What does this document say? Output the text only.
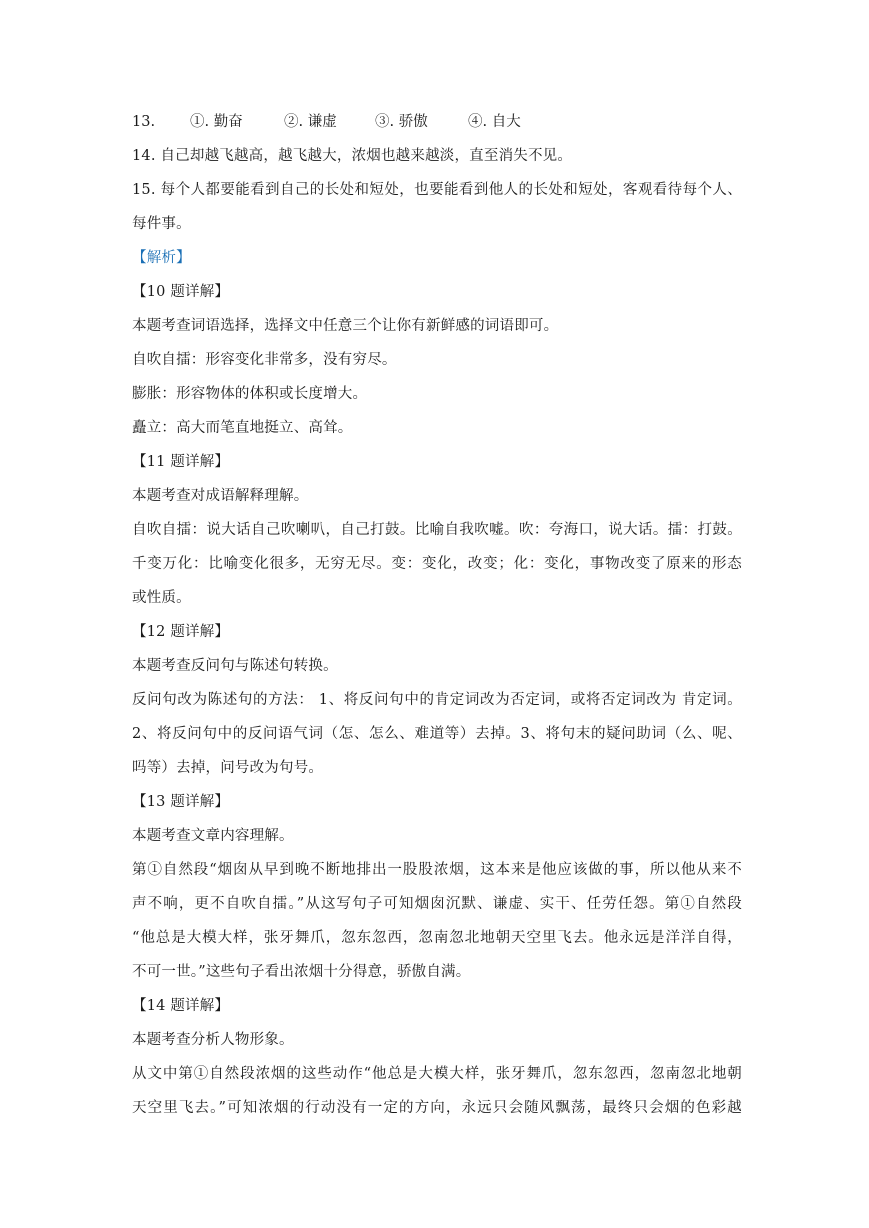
13. ①. 勤奋	②. 谦虚	③. 骄傲	④. 自大
14. 自己却越飞越高，越飞越大，浓烟也越来越淡，直至消失不见。
15. 每个人都要能看到自己的长处和短处，也要能看到他人的长处和短处，客观看待每个人、
每件事。
【解析】
【10 题详解】
本题考查词语选择，选择文中任意三个让你有新鲜感的词语即可。
自吹自擂：形容变化非常多，没有穷尽。
膨胀：形容物体的体积或长度增大。
矗立：高大而笔直地挺立、高耸。
【11 题详解】
本题考查对成语解释理解。
自吹自擂：说大话自己吹喇叭，自己打鼓。比喻自我吹嘘。吹：夸海口，说大话。擂：打鼓。
千变万化：比喻变化很多，无穷无尽。变：变化，改变；化：变化，事物改变了原来的形态
或性质。
【12 题详解】
本题考查反问句与陈述句转换。
反问句改为陈述句的方法： 1、将反问句中的肯定词改为否定词，或将否定词改为 肯定词。
2、将反问句中的反问语气词（怎、怎么、难道等）去掉。3、将句末的疑问助词（么、呢、
吗等）去掉，问号改为句号。
【13 题详解】
本题考查文章内容理解。
第①自然段“烟囱从早到晚不断地排出一股股浓烟，这本来是他应该做的事，所以他从来不
声不响，更不自吹自擂。”从这写句子可知烟囱沉默、谦虚、实干、任劳任怨。第①自然段
“他总是大模大样，张牙舞爪，忽东忽西，忽南忽北地朝天空里飞去。他永远是洋洋自得，
不可一世。”这些句子看出浓烟十分得意，骄傲自满。
【14 题详解】
本题考查分析人物形象。
从文中第①自然段浓烟的这些动作“他总是大模大样，张牙舞爪，忽东忽西，忽南忽北地朝
天空里飞去。”可知浓烟的行动没有一定的方向，永远只会随风飘荡，最终只会烟的色彩越
